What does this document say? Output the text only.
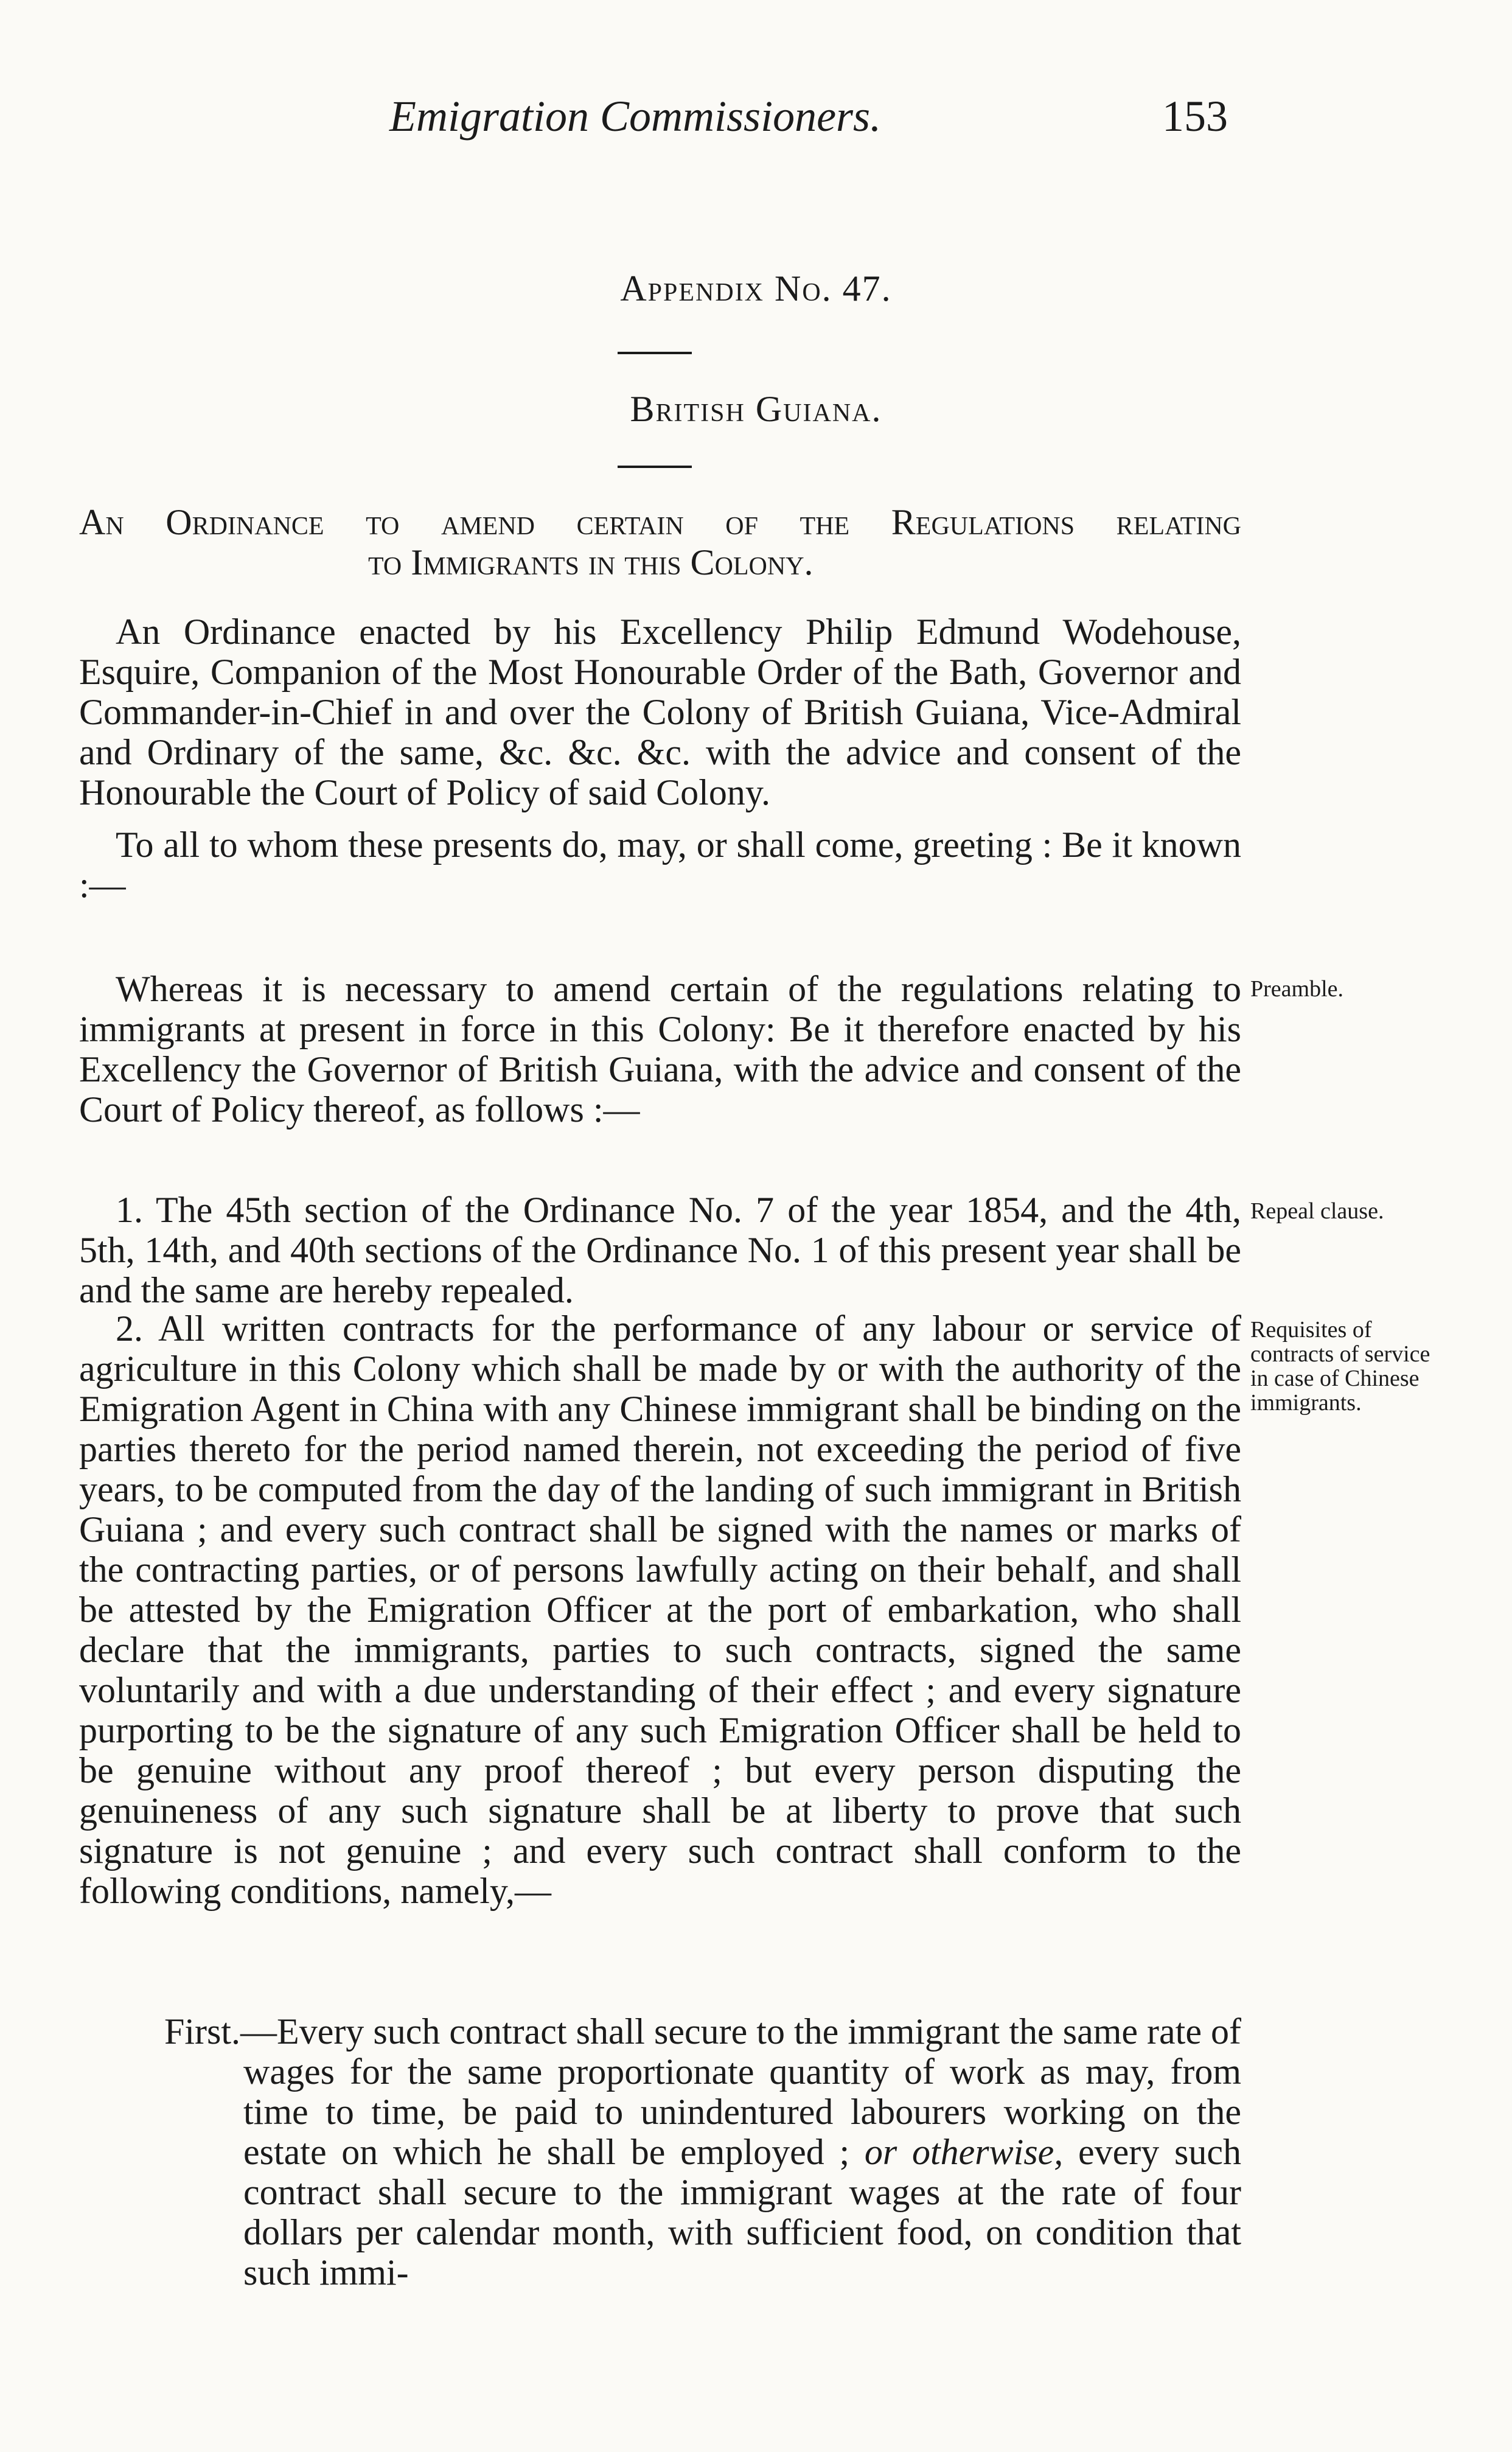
Emigration Commissioners.	153
Appendix No. 47.
British Guiana.
An Ordinance to amend certain of the Regulations relating
to Immigrants in this Colony.
An Ordinance enacted by his Excellency Philip Edmund Wodehouse, Esquire, Companion of the Most Honourable Order of the Bath, Governor and Commander-in-Chief in and over the Colony of British Guiana, Vice-Admiral and Ordinary of the same, &c. &c. &c. with the advice and consent of the Honourable the Court of Policy of said Colony.
To all to whom these presents do, may, or shall come, greeting : Be it known :—
Whereas it is necessary to amend certain of the regulations relating to immigrants at present in force in this Colony: Be it therefore enacted by his Excellency the Governor of British Guiana, with the advice and consent of the Court of Policy thereof, as follows :—
Preamble.
1. The 45th section of the Ordinance No. 7 of the year 1854, and the 4th, 5th, 14th, and 40th sections of the Ordinance No. 1 of this present year shall be and the same are hereby repealed.
Repeal clause.
2. All written contracts for the performance of any labour or service of agriculture in this Colony which shall be made by or with the authority of the Emigration Agent in China with any Chinese immigrant shall be binding on the parties thereto for the period named therein, not exceeding the period of five years, to be computed from the day of the landing of such immigrant in British Guiana ; and every such contract shall be signed with the names or marks of the contracting parties, or of persons lawfully acting on their behalf, and shall be attested by the Emigration Officer at the port of embarkation, who shall declare that the immigrants, parties to such contracts, signed the same voluntarily and with a due understanding of their effect ; and every signature purporting to be the signature of any such Emigration Officer shall be held to be genuine without any proof thereof ; but every person disputing the genuineness of any such signature shall be at liberty to prove that such signature is not genuine ; and every such contract shall conform to the following conditions, namely,—
Requisites of contracts of service in case of Chinese immigrants.
First.—Every such contract shall secure to the immigrant the same rate of wages for the same proportionate quantity of work as may, from time to time, be paid to unindentured labourers working on the estate on which he shall be employed ; or otherwise, every such contract shall secure to the immigrant wages at the rate of four dollars per calendar month, with sufficient food, on condition that such immi-
